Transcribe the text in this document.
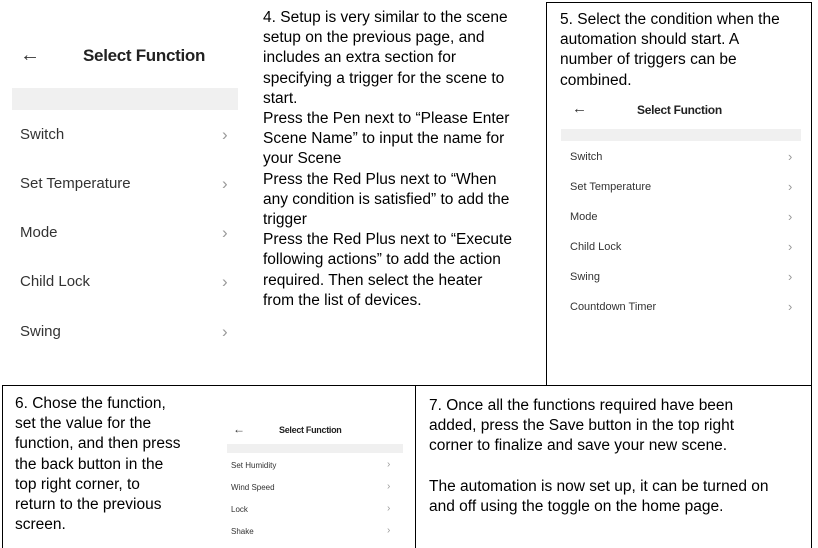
←	Select Function
Switch	›
Set Temperature	›
Mode	›
Child Lock	›
Swing	›

4. Setup is very similar to the scene

setup on the previous page, and

includes an extra section for

specifying a trigger for the scene to

start.

Press the Pen next to “Please Enter

Scene Name” to input the name for

your Scene

Press the Red Plus next to “When

any condition is satisfied” to add the

trigger

Press the Red Plus next to “Execute

following actions” to add the action

required. Then select the heater

from the list of devices.

5. Select the condition when the

automation should start. A

number of triggers can be

combined.

←	Select Function
Switch	›
Set Temperature	›
Mode	›
Child Lock	›
Swing	›
Countdown Timer	›

6. Chose the function,

set the value for the

function, and then press

the back button in the

top right corner, to

return to the previous

screen.

←	Select Function
Set Humidity	›
Wind Speed	›
Lock	›
Shake	›

7. Once all the functions required have been

added, press the Save button in the top right

corner to finalize and save your new scene.

The automation is now set up, it can be turned on

and off using the toggle on the home page.
